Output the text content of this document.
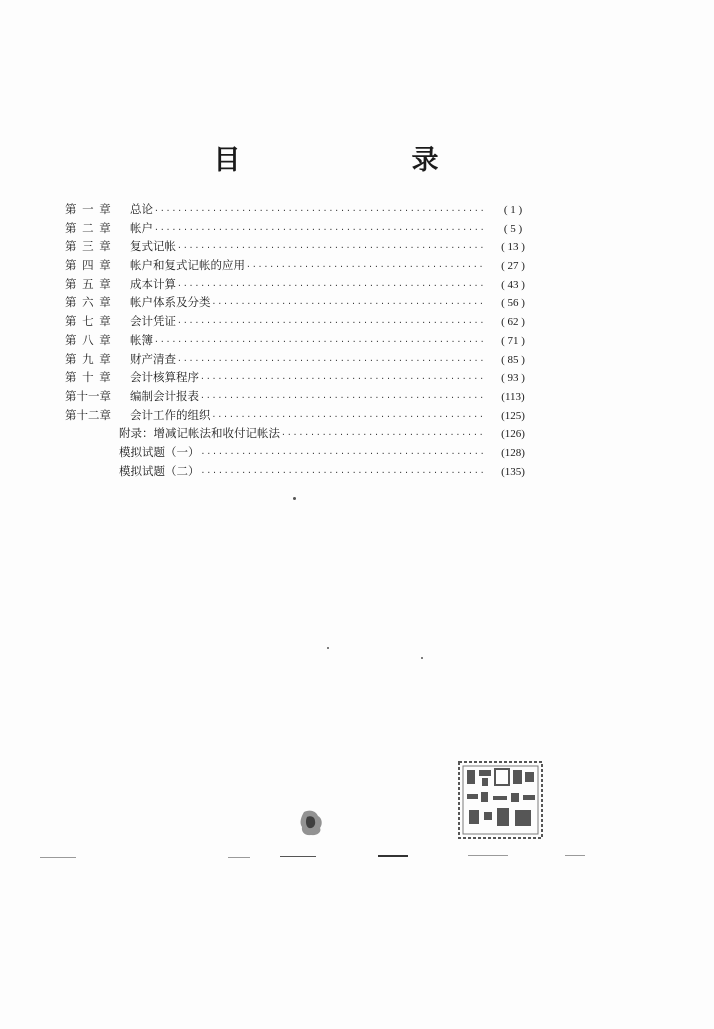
目　录
第 一 章	总论 ·····	( 1 )
第 二 章	帐户 ·····	( 5 )
第 三 章	复式记帐 ·····	( 13 )
第 四 章	帐户和复式记帐的应用 ·····	( 27 )
第 五 章	成本计算 ·····	( 43 )
第 六 章	帐户体系及分类 ·····	( 56 )
第 七 章	会计凭证 ·····	( 62 )
第 八 章	帐簿 ·····	( 71 )
第 九 章	财产清查 ·····	( 85 )
第 十 章	会计核算程序 ·····	( 93 )
第十一章	编制会计报表 ·····	(113)
第十二章	会计工作的组织 ·····	(125)
附录：增减记帐法和收付记帐法 ·····	(126)
模拟试题（一） ·····	(128)
模拟试题（二） ·····	(135)
